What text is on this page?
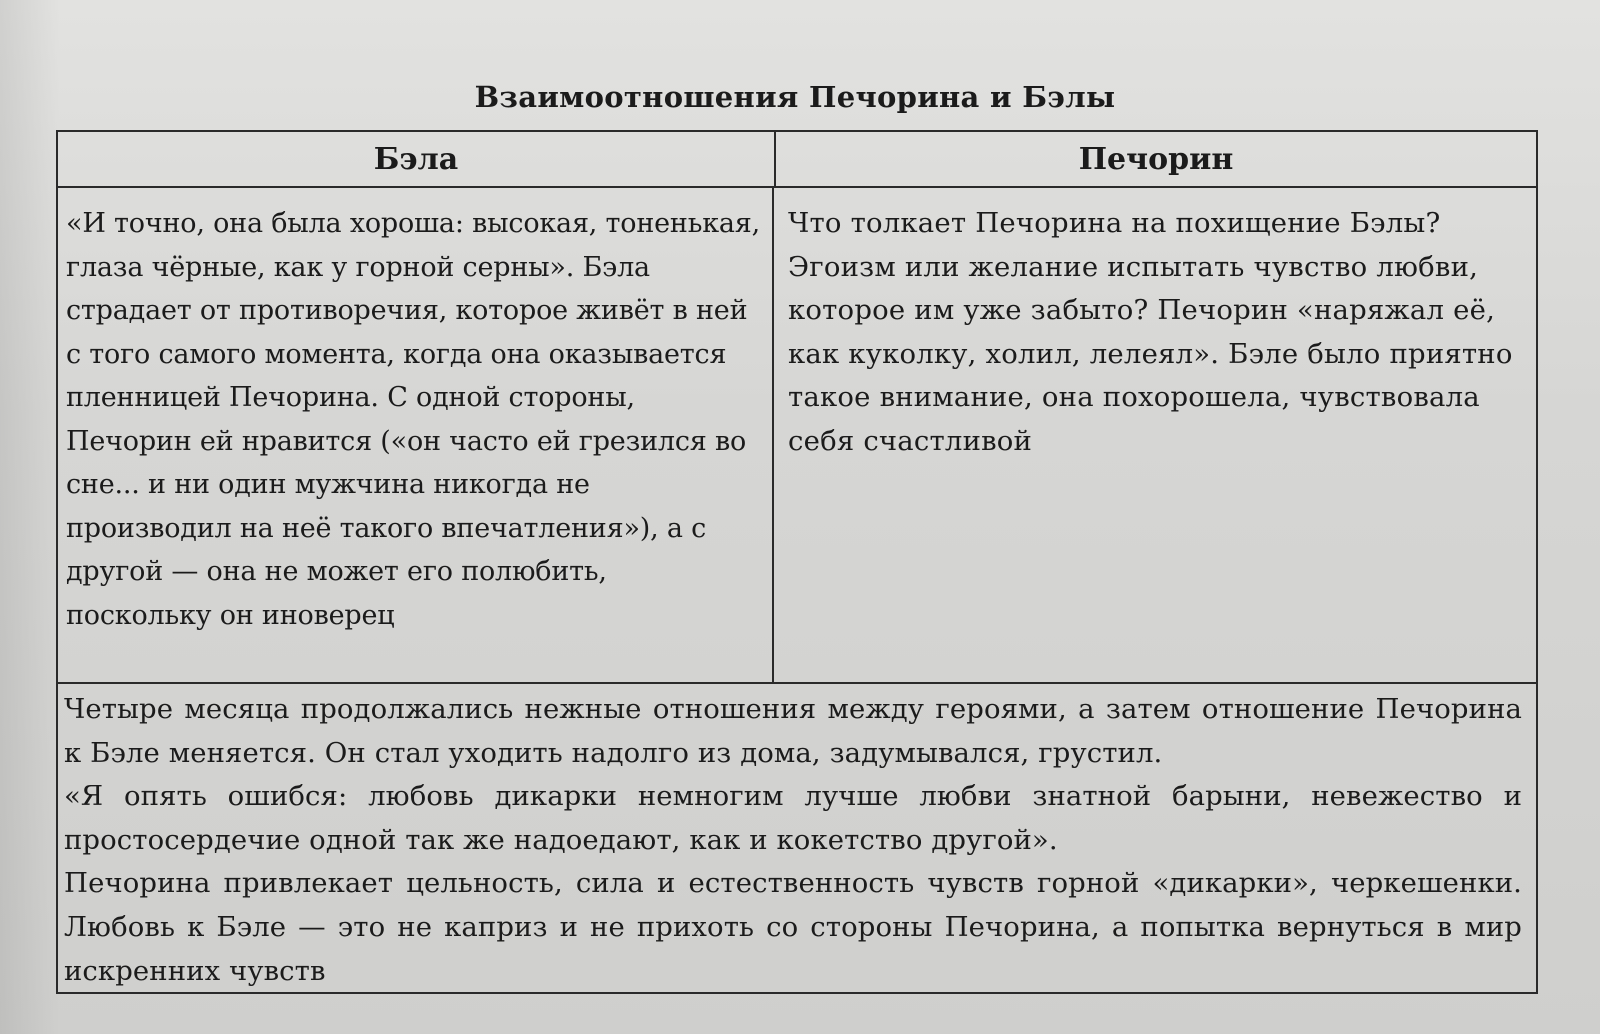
Взаимоотношения Печорина и Бэлы
Бэла	Печорин
«И точно, она была хороша: высокая, тоненькая, глаза чёрные, как у горной серны». Бэла страдает от противоречия, которое живёт в ней с того самого момента, когда она оказывается пленницей Печорина. С одной стороны, Печорин ей нравится («он часто ей грезился во сне... и ни один мужчина никогда не производил на неё такого впечатления»), а с другой — она не может его полюбить, поскольку он иноверец
Что толкает Печорина на похищение Бэлы? Эгоизм или желание испытать чувство любви, которое им уже забыто? Печорин «наряжал её, как куколку, холил, лелеял». Бэле было приятно такое внимание, она похорошела, чувствовала себя счастливой

Четыре месяца продолжались нежные отношения между героями, а затем отношение Печорина к Бэле меняется. Он стал уходить надолго из дома, задумывался, грустил.

«Я опять ошибся: любовь дикарки немногим лучше любви знатной барыни, невежество и простосердечие одной так же надоедают, как и кокетство другой».

Печорина привлекает цельность, сила и естественность чувств горной «дикарки», черкешенки. Любовь к Бэле — это не каприз и не прихоть со стороны Печорина, а попытка вернуться в мир искренних чувств
